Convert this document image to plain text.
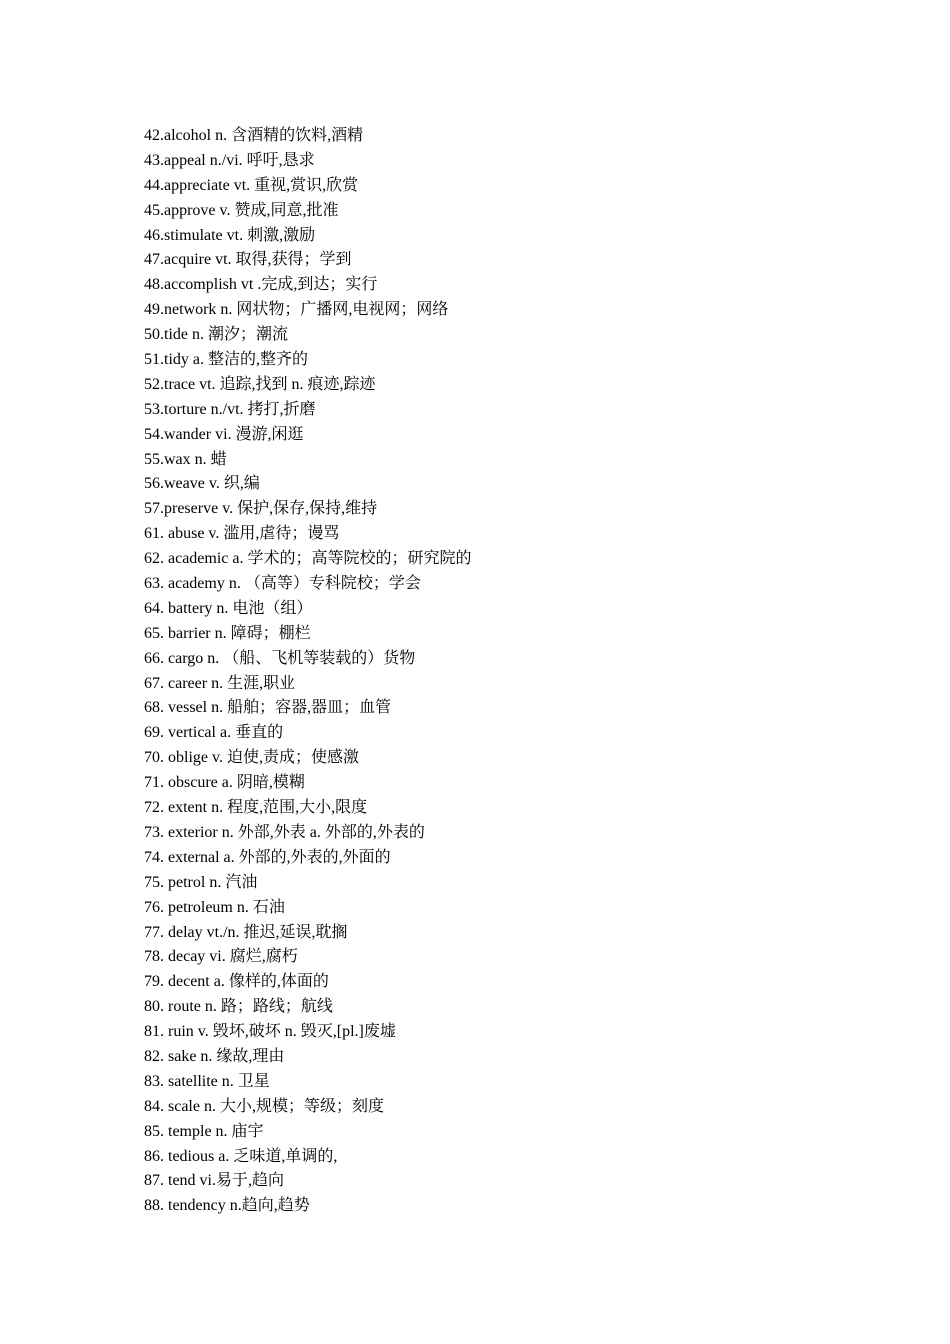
42.alcohol n. 含酒精的饮料,酒精
43.appeal n./vi. 呼吁,恳求
44.appreciate vt. 重视,赏识,欣赏
45.approve v. 赞成,同意,批准
46.stimulate vt. 刺激,激励
47.acquire vt. 取得,获得；学到
48.accomplish vt .完成,到达；实行
49.network n. 网状物；广播网,电视网；网络
50.tide n. 潮汐；潮流
51.tidy a. 整洁的,整齐的
52.trace vt. 追踪,找到 n. 痕迹,踪迹
53.torture n./vt. 拷打,折磨
54.wander vi. 漫游,闲逛
55.wax n. 蜡
56.weave v. 织,编
57.preserve v. 保护,保存,保持,维持
61. abuse v. 滥用,虐待；谩骂
62. academic a. 学术的；高等院校的；研究院的
63. academy n. （高等）专科院校；学会
64. battery n. 电池（组）
65. barrier n. 障碍；棚栏
66. cargo n. （船、飞机等装载的）货物
67. career n. 生涯,职业
68. vessel n. 船舶；容器,器皿；血管
69. vertical a. 垂直的
70. oblige v. 迫使,责成；使感激
71. obscure a. 阴暗,模糊
72. extent n. 程度,范围,大小,限度
73. exterior n. 外部,外表 a. 外部的,外表的
74. external a. 外部的,外表的,外面的
75. petrol n. 汽油
76. petroleum n. 石油
77. delay vt./n. 推迟,延误,耽搁
78. decay vi. 腐烂,腐朽
79. decent a. 像样的,体面的
80. route n. 路；路线；航线
81. ruin v. 毁坏,破坏 n. 毁灭,[pl.]废墟
82. sake n. 缘故,理由
83. satellite n. 卫星
84. scale n. 大小,规模；等级；刻度
85. temple n. 庙宇
86. tedious a. 乏味道,单调的,
87. tend vi.易于,趋向
88. tendency n.趋向,趋势
